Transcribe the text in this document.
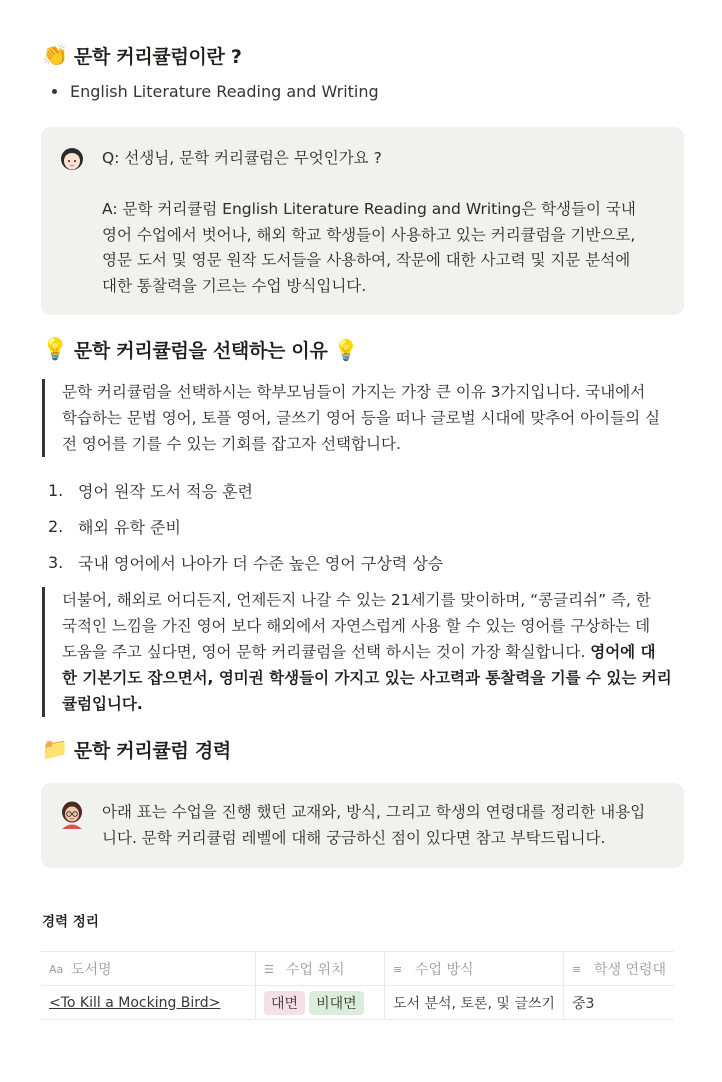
👏 문학 커리큘럼이란 ?
English Literature Reading and Writing
Q: 선생님, 문학 커리큘럼은 무엇인가요 ?
A: 문학 커리큘럼 English Literature Reading and Writing은 학생들이 국내
영어 수업에서 벗어나, 해외 학교 학생들이 사용하고 있는 커리큘럼을 기반으로,
영문 도서 및 영문 원작 도서들을 사용하여, 작문에 대한 사고력 및 지문 분석에
대한 통찰력을 기르는 수업 방식입니다.
💡 문학 커리큘럼을 선택하는 이유 💡
문학 커리큘럼을 선택하시는 학부모님들이 가지는 가장 큰 이유 3가지입니다. 국내에서
학습하는 문법 영어, 토플 영어, 글쓰기 영어 등을 떠나 글로벌 시대에 맞추어 아이들의 실
전 영어를 기를 수 있는 기회를 잡고자 선택합니다.
1. 영어 원작 도서 적응 훈련
2. 해외 유학 준비
3. 국내 영어에서 나아가 더 수준 높은 영어 구상력 상승
더불어, 해외로 어디든지, 언제든지 나갈 수 있는 21세기를 맞이하며, “콩글리쉬” 즉, 한
국적인 느낌을 가진 영어 보다 해외에서 자연스럽게 사용 할 수 있는 영어를 구상하는 데
도움을 주고 싶다면, 영어 문학 커리큘럼을 선택 하시는 것이 가장 확실합니다. 영어에 대
한 기본기도 잡으면서, 영미권 학생들이 가지고 있는 사고력과 통찰력을 기를 수 있는 커리
큘럼입니다.
📁 문학 커리큘럼 경력
아래 표는 수업을 진행 했던 교재와, 방식, 그리고 학생의 연령대를 정리한 내용입
니다. 문학 커리큘럼 레벨에 대해 궁금하신 점이 있다면 참고 부탁드립니다.
경력 정리
Aa 도서명	☰ 수업 위치	≡ 수업 방식	≡ 학생 연령대
<To Kill a Mocking Bird>	대면 비대면	도서 분석, 토론, 및 글쓰기	중3
